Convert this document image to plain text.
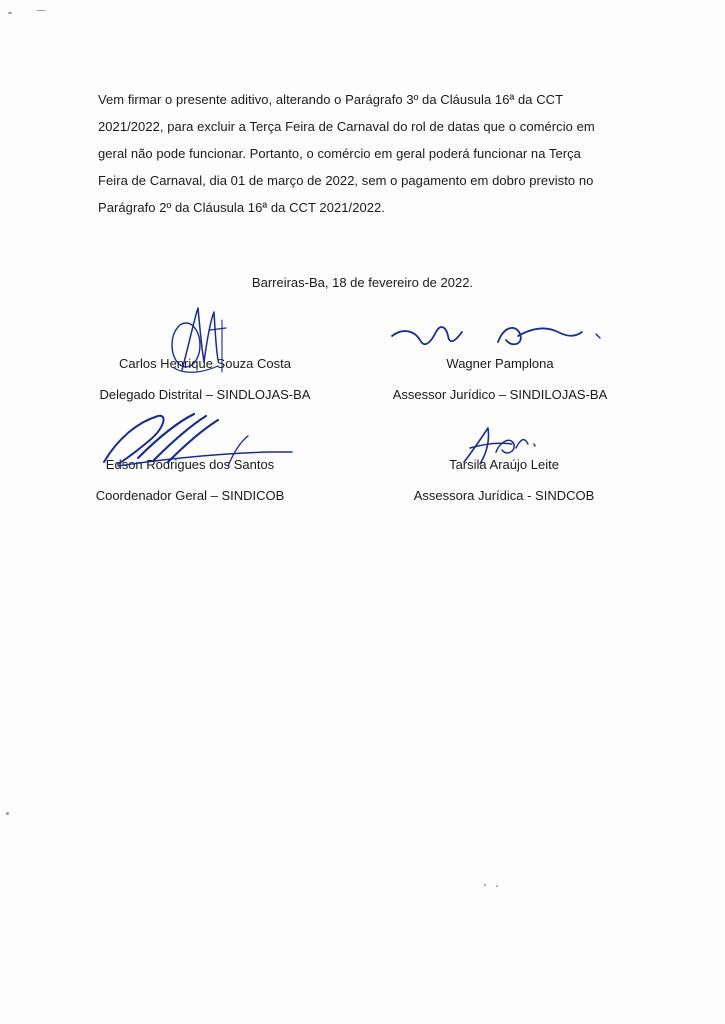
Vem firmar o presente aditivo, alterando o Parágrafo 3º da Cláusula 16ª da CCT
2021/2022, para excluir a Terça Feira de Carnaval do rol de datas que o comércio em
geral não pode funcionar. Portanto, o comércio em geral poderá funcionar na Terça
Feira de Carnaval, dia 01 de março de 2022, sem o pagamento em dobro previsto no
Parágrafo 2º da Cláusula 16ª da CCT 2021/2022.
Barreiras-Ba, 18 de fevereiro de 2022.
Carlos Henrique Souza Costa
Delegado Distrital – SINDLOJAS-BA
Wagner Pamplona
Assessor Jurídico – SINDILOJAS-BA
Edson Rodrigues dos Santos
Coordenador Geral – SINDICOB
Tarsila Araújo Leite
Assessora Jurídica - SINDCOB
